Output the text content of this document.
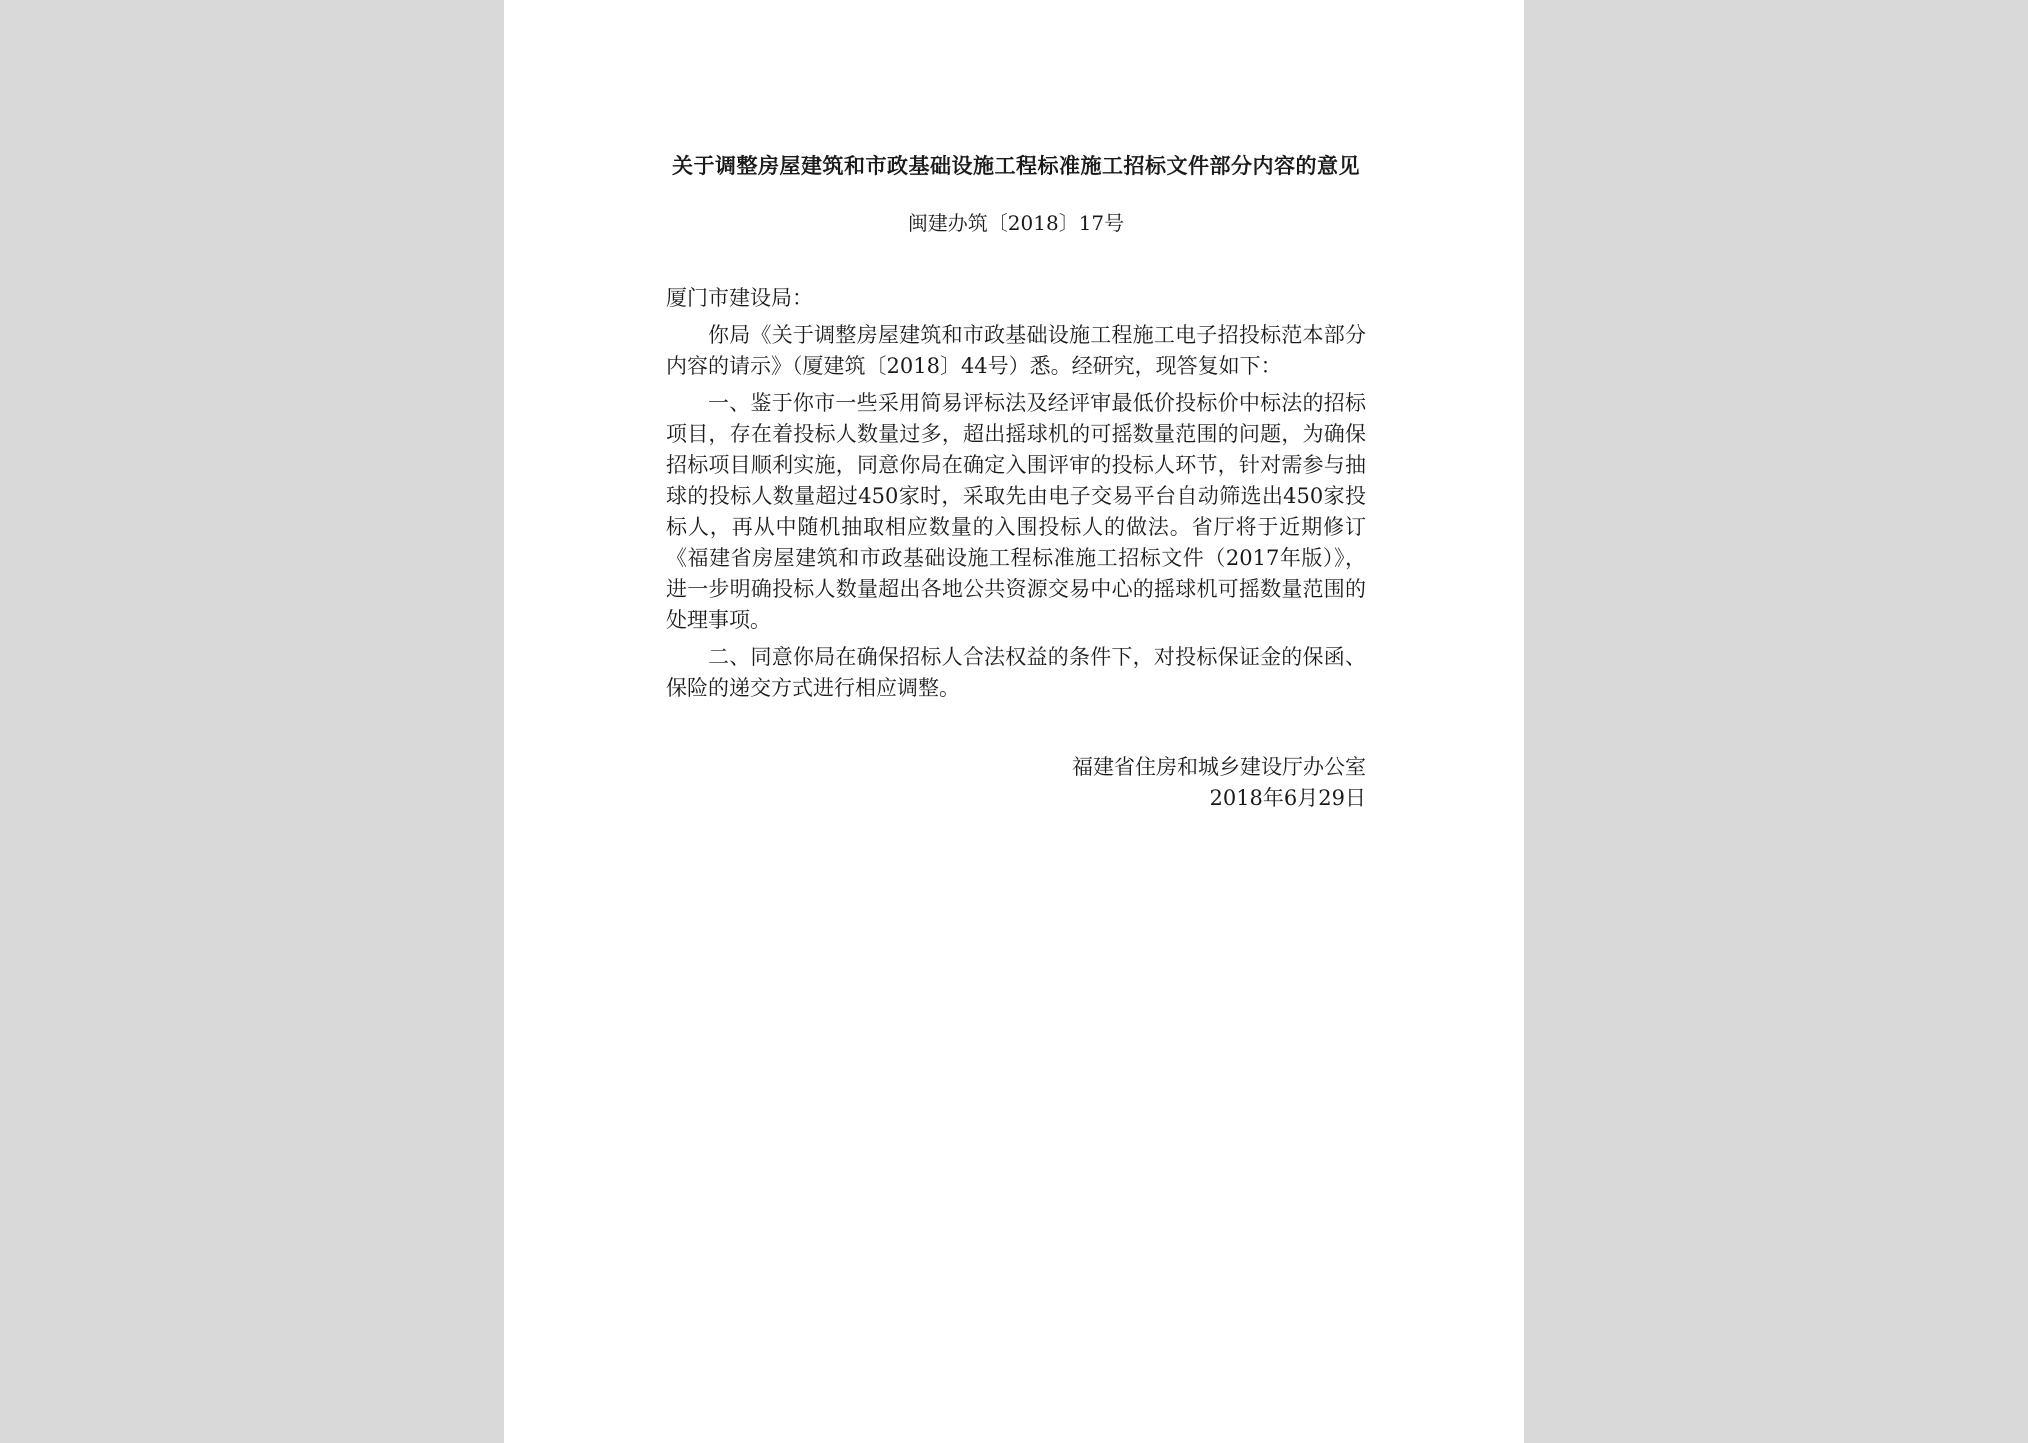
关于调整房屋建筑和市政基础设施工程标准施工招标文件部分内容的意见
闽建办筑〔2018〕17号
厦门市建设局：

你局《关于调整房屋建筑和市政基础设施工程施工电子招投标范本部分内容的请示》（厦建筑〔2018〕44号）悉。经研究，现答复如下：

一、鉴于你市一些采用简易评标法及经评审最低价投标价中标法的招标项目，存在着投标人数量过多，超出摇球机的可摇数量范围的问题，为确保招标项目顺利实施，同意你局在确定入围评审的投标人环节，针对需参与抽球的投标人数量超过450家时，采取先由电子交易平台自动筛选出450家投标人，再从中随机抽取相应数量的入围投标人的做法。省厅将于近期修订《福建省房屋建筑和市政基础设施工程标准施工招标文件（2017年版）》，进一步明确投标人数量超出各地公共资源交易中心的摇球机可摇数量范围的处理事项。

二、同意你局在确保招标人合法权益的条件下，对投标保证金的保函、保险的递交方式进行相应调整。

福建省住房和城乡建设厅办公室
2018年6月29日
